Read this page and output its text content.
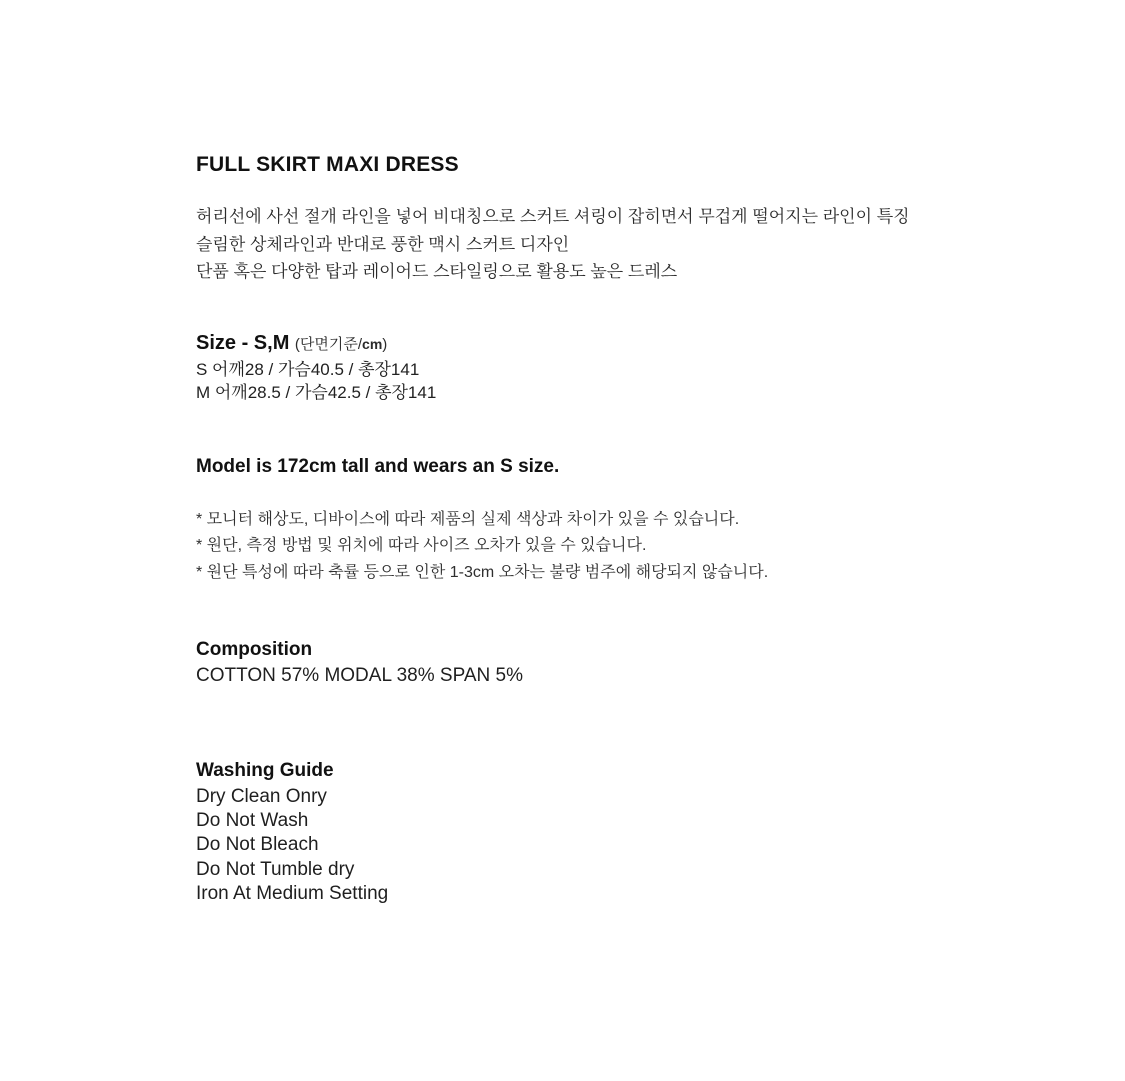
FULL SKIRT MAXI DRESS
허리선에 사선 절개 라인을 넣어 비대칭으로 스커트 셔링이 잡히면서 무겁게 떨어지는 라인이 특징
슬림한 상체라인과 반대로 풍한 맥시 스커트 디자인
단품 혹은 다양한 탑과 레이어드 스타일링으로 활용도 높은 드레스
Size - S,M (단면기준/cm)
S 어깨28 / 가슴40.5 / 총장141
M 어깨28.5 / 가슴42.5 / 총장141
Model is 172cm tall and wears an S size.
* 모니터 해상도, 디바이스에 따라 제품의 실제 색상과 차이가 있을 수 있습니다.
* 원단, 측정 방법 및 위치에 따라 사이즈 오차가 있을 수 있습니다.
* 원단 특성에 따라 축률 등으로 인한 1-3cm 오차는 불량 범주에 해당되지 않습니다.
Composition
COTTON 57% MODAL 38% SPAN 5%
Washing Guide
Dry Clean Onry
Do Not Wash
Do Not Bleach
Do Not Tumble dry
Iron At Medium Setting
